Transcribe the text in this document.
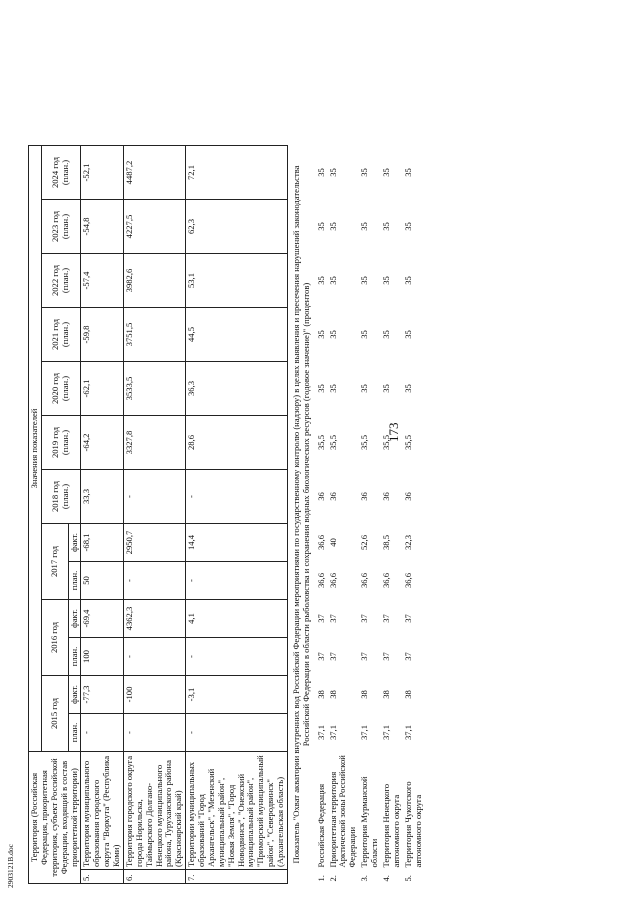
173
Территория (Российская Федерация, приоритетная территория, субъект Российской Федерации, входящий в состав приоритетной территории)		Значения показателей												
		2015 год		2016 год		2017 год		2018 год (план.)	2019 год (план.)	2020 год (план.)	2021 год (план.)	2022 год (план.)	2023 год (план.)	2024 год (план.)
		план.	факт.	план.	факт.	план.	факт.							
5.	Территория муниципального образования городского округа "Воркута" (Республика Коми)	-	-77,3	100	-69,4	50	-68,1	33,3	-64,2	-62,1	-59,8	-57,4	-54,8	-52,1
6.	Территория городского округа города Норильска, Таймырского Долгано-Ненецкого муниципального района, Туруханского района (Красноярский край)	-	-100	-	4362,3	-	2950,7	-	3327,8	3533,5	3751,5	3982,6	4227,5	4487,2
7.	Территории муниципальных образований "Город Архангельск", "Мезенский муниципальный район", "Новая Земля", "Город Новодвинск", "Онежский муниципальный район", "Приморский муниципальный район", "Северодвинск" (Архангельская область)	-	-3,1	-	4,1	-	14,4	-	28,6	36,3	44,5	53,1	62,3	72,1
Показатель "Охват акватории внутренних вод Российской Федерации мероприятиями по государственному контролю (надзору) в целях выявления и пресечения нарушений законодательства Российской Федерации в области рыболовства и сохранения водных биологических ресурсов (годовое значение)" (процентов)														
1.	Российская Федерация	37,1	38	37	37	36,6	36,6	36	35,5	35	35	35	35	35
2.	Приоритетная территория Арктической зоны Российской Федерации	37,1	38	37	37	36,6	40	36	35,5	35	35	35	35	35
3.	Территория Мурманской области	37,1	38	37	37	36,6	52,6	36	35,5	35	35	35	35	35
4.	Территория Ненецкого автономного округа	37,1	38	37	37	36,6	38,5	36	35,5	35	35	35	35	35
5.	Территория Чукотского автономного округа	37,1	38	37	37	36,6	32,3	36	35,5	35	35	35	35	35
2903121В.doc
